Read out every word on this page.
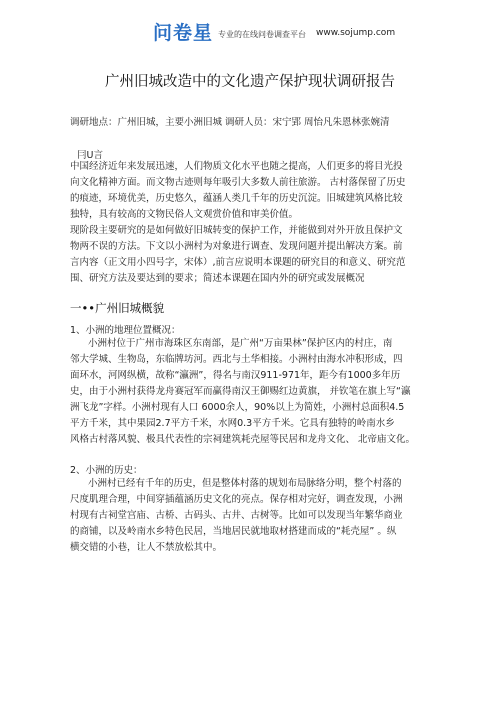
问卷星 专业的在线问卷调查平台 www.sojump.com
广州旧城改造中的文化遗产保护现状调研报告
调研地点：广州旧城，主要小洲旧城 调研人员：宋宁郢 周怡凡朱恩林张婉清
冃U言

中国经济近年来发展迅速，人们物质文化水平也随之提高，人们更多的将目光投

向文化精神方面。而文物古迹则每年吸引大多数人前往旅游。 古村落保留了历史

的痕迹，环境优美，历史悠久，蕴涵人类几千年的历史沉淀。旧城建筑风格比较

独特，具有较高的文物民俗人文观赏价值和审美价值。

现阶段主要研究的是如何做好旧城转变的保护工作，并能做到对外开放且保护文

物两不误的方法。下文以小洲村为对象进行调查、发现问题并提出解决方案。前

言内容（正文用小四号字，宋体）,前言应说明本课题的研究目的和意义、研究范

围、研究方法及要达到的要求；简述本课题在国内外的研究或发展概况

一••广州旧城概貌
1、小洲的地理位置概况：

小洲村位于广州市海珠区东南部，是广州“万亩果林”保护区内的村庄，南

邻大学城、生物岛，东临牌坊河。西北与土华相接。小洲村由海水冲积形成，四

面环水，河网纵横，故称“瀛洲”，得名与南汉911-971年，距今有1000多年历

史，由于小洲村获得龙舟赛冠军而赢得南汉王御赐红边黄旗， 并钦笔在旗上写“瀛

洲飞龙”字样。小洲村现有人口 6000余人，90%以上为简姓，小洲村总面积4.5

平方千米，其中果园2.7平方千米，水网0.3平方千米。它具有独特的岭南水乡

风格古村落风貌、极具代表性的宗祠建筑耗壳屋等民居和龙舟文化、 北帝庙文化。

2、小洲的历史：

小洲村已经有千年的历史，但是整体村落的规划布局脉络分明，整个村落的

尺度肌理合理，中间穿插蕴涵历史文化的亮点。保存相对完好，调查发现，小洲

村现有古祠堂宫庙、古桥、古码头、古井、古树等。比如可以发现当年繁华商业

的商铺，以及岭南水乡特色民居，当地居民就地取材搭建而成的“耗壳屋” 。纵

横交错的小巷，让人不禁放松其中。
